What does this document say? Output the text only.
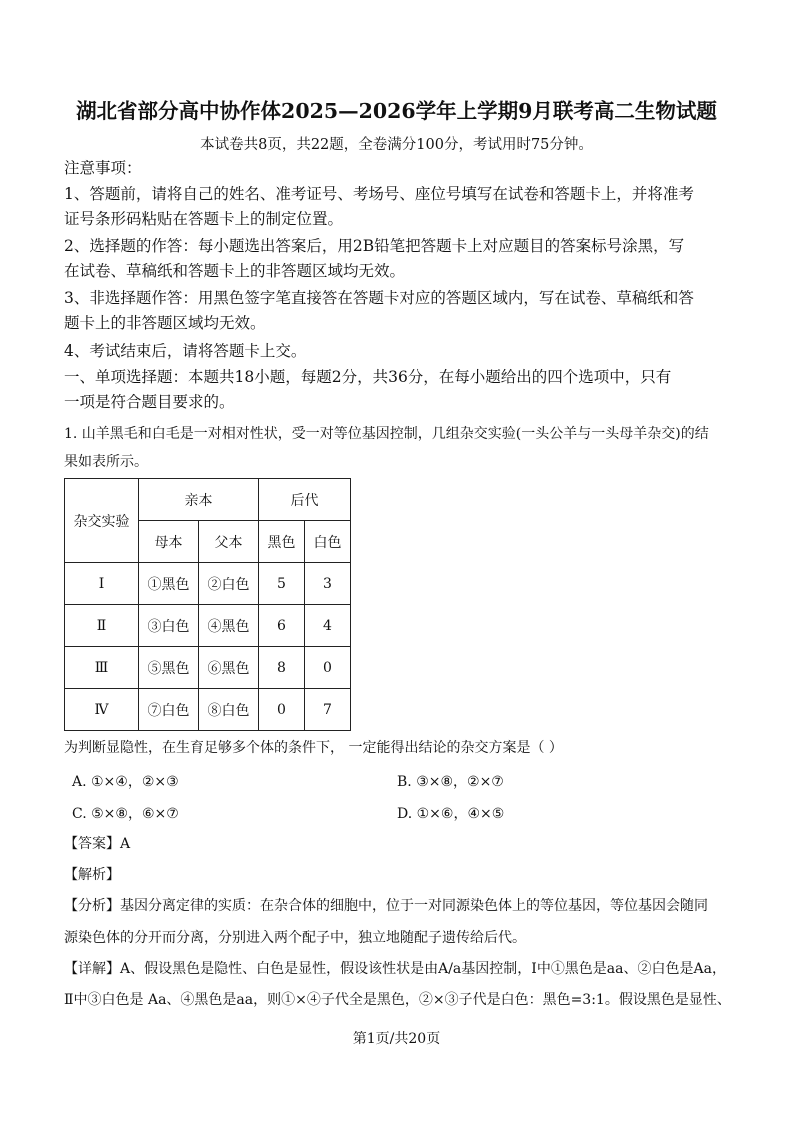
湖北省部分高中协作体2025—2026学年上学期9月联考高二生物试题
本试卷共8页，共22题，全卷满分100分，考试用时75分钟。
注意事项：
1、答题前，请将自己的姓名、准考证号、考场号、座位号填写在试卷和答题卡上，并将准考
证号条形码粘贴在答题卡上的制定位置。
2、选择题的作答：每小题选出答案后，用2B铅笔把答题卡上对应题目的答案标号涂黑，写
在试卷、草稿纸和答题卡上的非答题区域均无效。
3、非选择题作答：用黑色签字笔直接答在答题卡对应的答题区域内，写在试卷、草稿纸和答
题卡上的非答题区域均无效。
4、考试结束后，请将答题卡上交。
一、单项选择题：本题共18小题，每题2分，共36分，在每小题给出的四个选项中，只有
一项是符合题目要求的。
1. 山羊黑毛和白毛是一对相对性状，受一对等位基因控制，几组杂交实验(一头公羊与一头母羊杂交)的结
果如表所示。
杂交实验	亲本		后代	
	母本	父本	黑色	白色
Ⅰ	①黑色	②白色	5	3
Ⅱ	③白色	④黑色	6	4
Ⅲ	⑤黑色	⑥黑色	8	0
Ⅳ	⑦白色	⑧白色	0	7
为判断显隐性，在生育足够多个体的条件下， 一定能得出结论的杂交方案是（ ）
A. ①×④，②×③	B. ③×⑧，②×⑦
C. ⑤×⑧，⑥×⑦	D. ①×⑥，④×⑤
【答案】A
【解析】
【分析】基因分离定律的实质：在杂合体的细胞中，位于一对同源染色体上的等位基因，等位基因会随同
源染色体的分开而分离，分别进入两个配子中，独立地随配子遗传给后代。
【详解】A、假设黑色是隐性、白色是显性，假设该性状是由A/a基因控制，Ⅰ中①黑色是aa、②白色是Aa，
Ⅱ中③白色是 Aa、④黑色是aa，则①×④子代全是黑色，②×③子代是白色：黑色=3:1。假设黑色是显性、
第1页/共20页
